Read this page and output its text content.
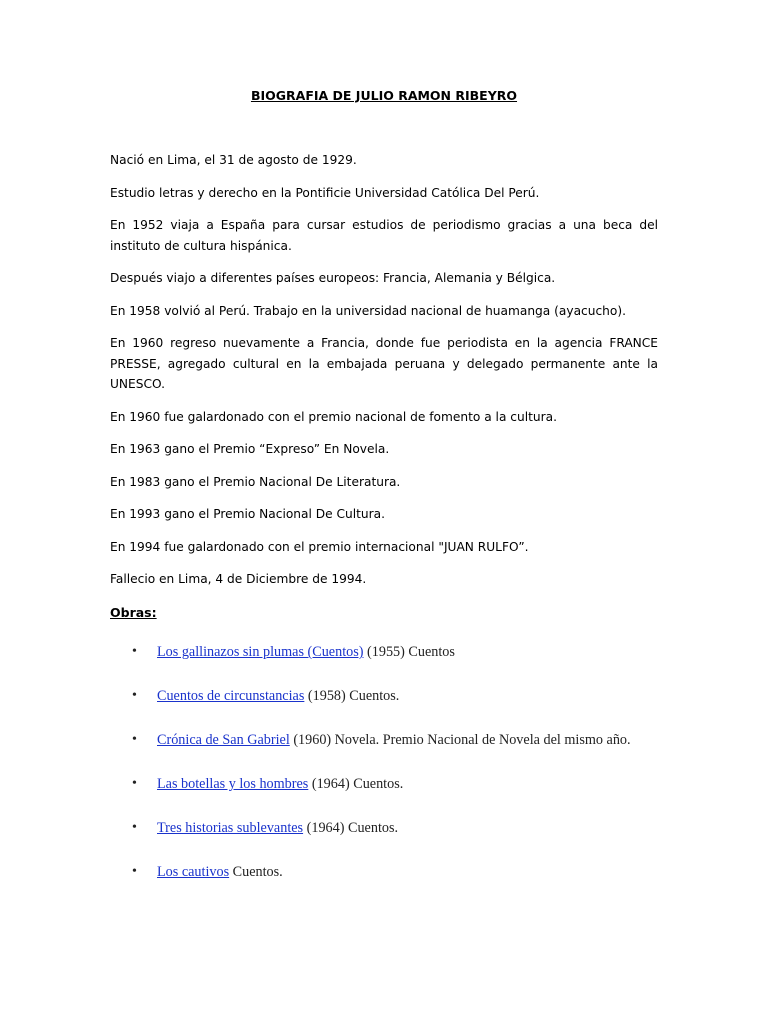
BIOGRAFIA DE JULIO RAMON RIBEYRO

Nació en Lima, el 31 de agosto de 1929.

Estudio letras y derecho en la Pontificie Universidad Católica Del Perú.

En 1952 viaja a España para cursar estudios de periodismo gracias a una beca del instituto de cultura hispánica.

Después viajo a diferentes países europeos: Francia, Alemania y Bélgica.

En 1958 volvió al Perú. Trabajo en la universidad nacional de huamanga (ayacucho).

En 1960 regreso nuevamente a Francia, donde fue periodista en la agencia FRANCE PRESSE, agregado cultural en la embajada peruana y delegado permanente ante la UNESCO.

En 1960 fue galardonado con el premio nacional de fomento a la cultura.

En 1963 gano el Premio “Expreso” En Novela.

En 1983 gano el Premio Nacional De Literatura.

En 1993 gano el Premio Nacional De Cultura.

En 1994 fue galardonado con el premio internacional "JUAN RULFO”.

Fallecio en Lima, 4 de Diciembre de 1994.

Obras:
• Los gallinazos sin plumas (Cuentos) (1955) Cuentos
• Cuentos de circunstancias (1958) Cuentos.
• Crónica de San Gabriel (1960) Novela. Premio Nacional de Novela del mismo año.
• Las botellas y los hombres (1964) Cuentos.
• Tres historias sublevantes (1964) Cuentos.
• Los cautivos Cuentos.
